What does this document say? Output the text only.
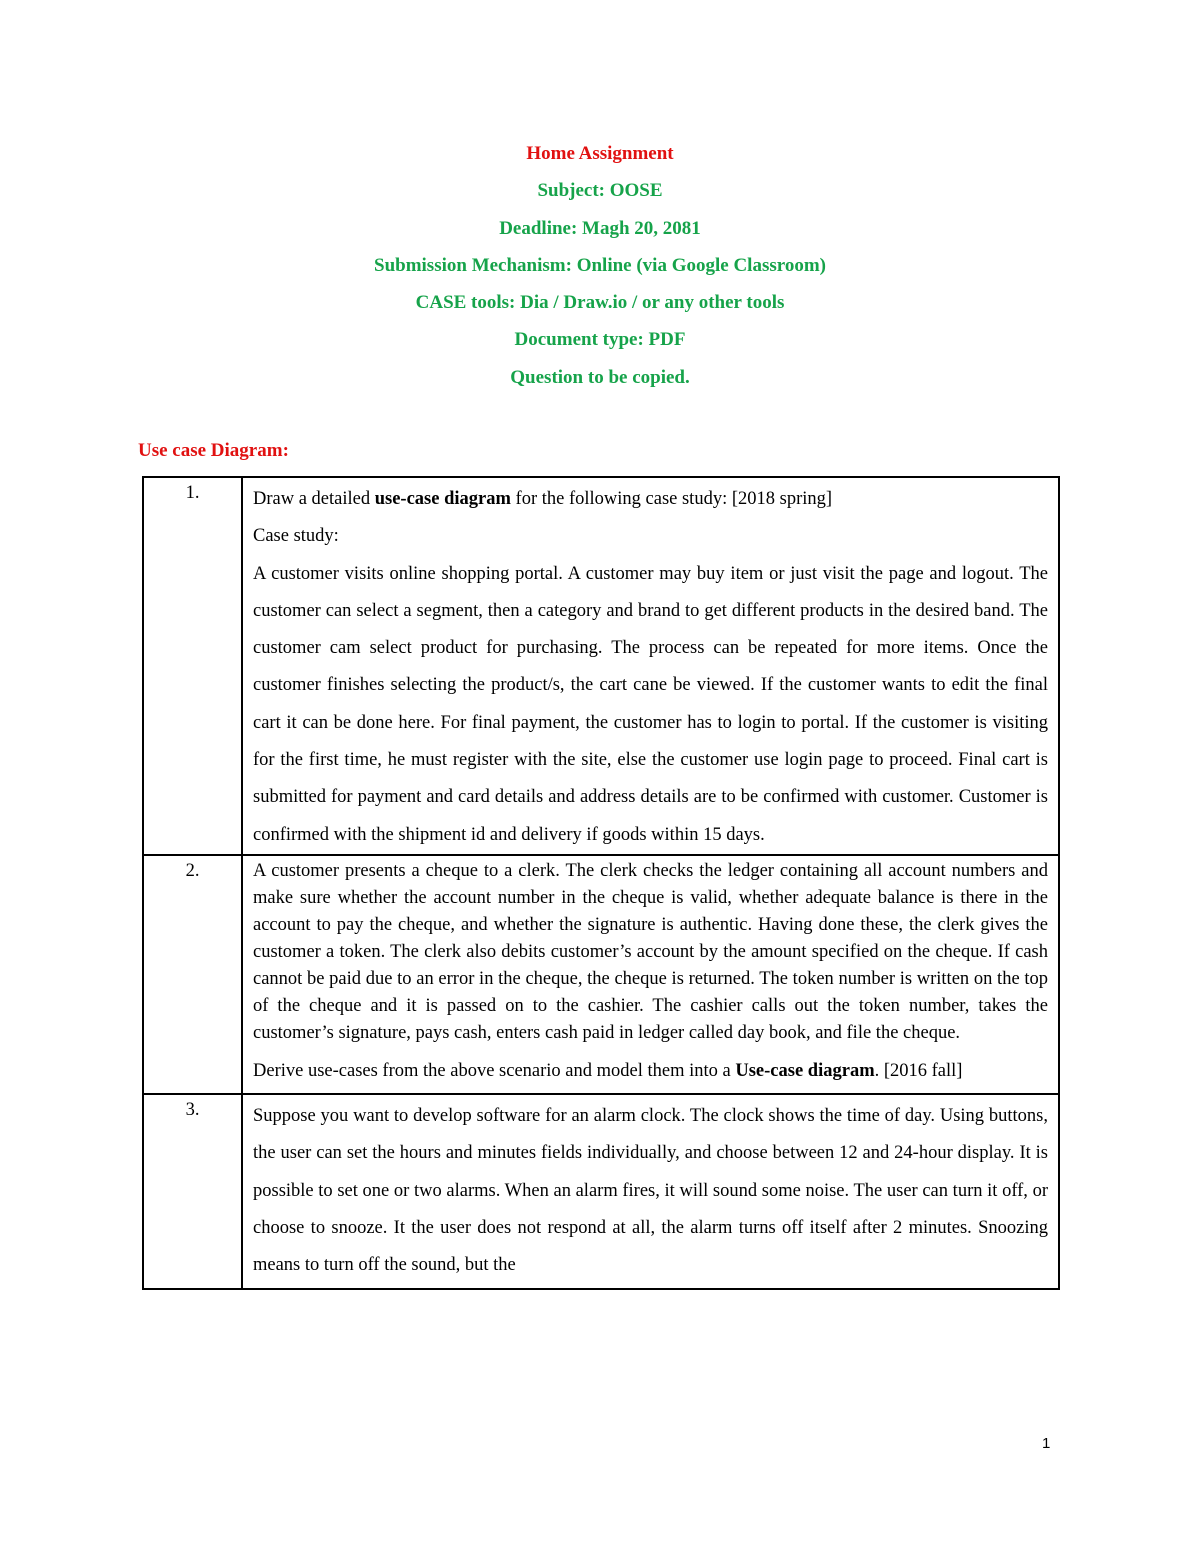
Home Assignment
Subject: OOSE
Deadline: Magh 20, 2081
Submission Mechanism: Online (via Google Classroom)
CASE tools: Dia / Draw.io / or any other tools
Document type: PDF
Question to be copied.
Use case Diagram:
1.	Draw a detailed use-case diagram for the following case study: [2018 spring]

Case study:

A customer visits online shopping portal. A customer may buy item or just visit the page and logout. The customer can select a segment, then a category and brand to get different products in the desired band. The customer cam select product for purchasing. The process can be repeated for more items. Once the customer finishes selecting the product/s, the cart cane be viewed. If the customer wants to edit the final cart it can be done here. For final payment, the customer has to login to portal. If the customer is visiting for the first time, he must register with the site, else the customer use login page to proceed. Final cart is submitted for payment and card details and address details are to be confirmed with customer. Customer is confirmed with the shipment id and delivery if goods within 15 days.

2.	A customer presents a cheque to a clerk. The clerk checks the ledger containing all account numbers and make sure whether the account number in the cheque is valid, whether adequate balance is there in the account to pay the cheque, and whether the signature is authentic. Having done these, the clerk gives the customer a token. The clerk also debits customer’s account by the amount specified on the cheque. If cash cannot be paid due to an error in the cheque, the cheque is returned. The token number is written on the top of the cheque and it is passed on to the cashier. The cashier calls out the token number, takes the customer’s signature, pays cash, enters cash paid in ledger called day book, and file the cheque.

Derive use-cases from the above scenario and model them into a Use-case diagram. [2016 fall]

3.	Suppose you want to develop software for an alarm clock. The clock shows the time of day. Using buttons, the user can set the hours and minutes fields individually, and choose between 12 and 24-hour display. It is possible to set one or two alarms. When an alarm fires, it will sound some noise. The user can turn it off, or choose to snooze. It the user does not respond at all, the alarm turns off itself after 2 minutes. Snoozing means to turn off the sound, but the

1
